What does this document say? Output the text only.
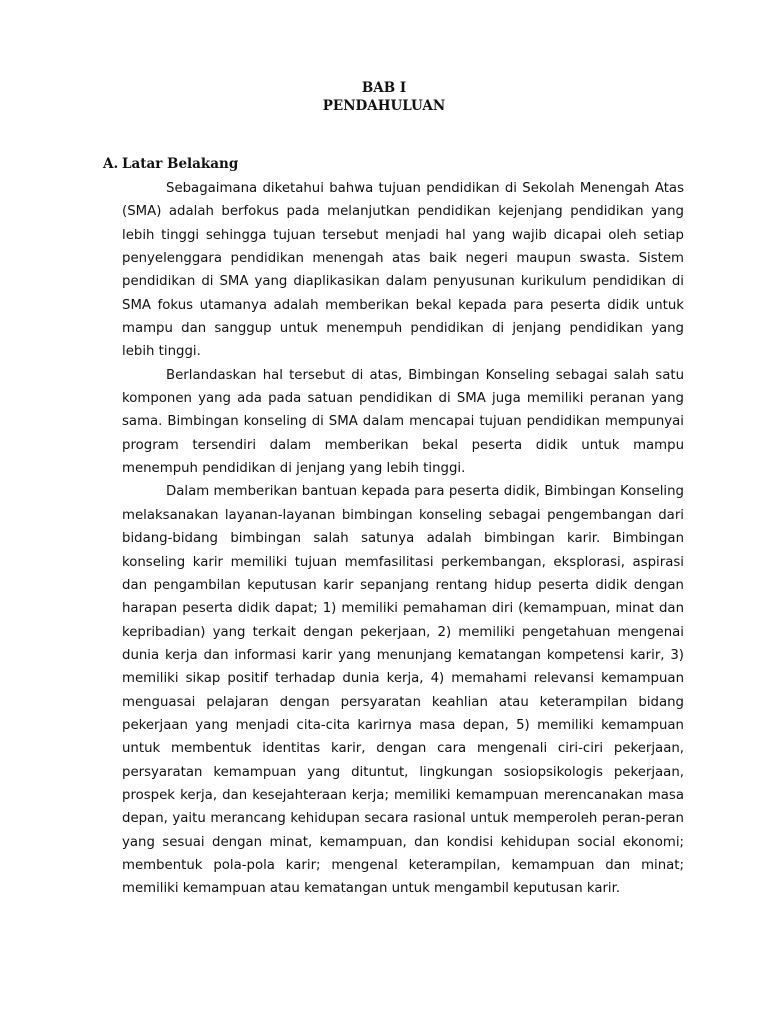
BAB I
PENDAHULUAN
A. Latar Belakang

Sebagaimana diketahui bahwa tujuan pendidikan di Sekolah Menengah Atas (SMA) adalah berfokus pada melanjutkan pendidikan kejenjang pendidikan yang lebih tinggi sehingga tujuan tersebut menjadi hal yang wajib dicapai oleh setiap penyelenggara pendidikan menengah atas baik negeri maupun swasta. Sistem pendidikan di SMA yang diaplikasikan dalam penyusunan kurikulum pendidikan di SMA fokus utamanya adalah memberikan bekal kepada para peserta didik untuk mampu dan sanggup untuk menempuh pendidikan di jenjang pendidikan yang lebih tinggi.

Berlandaskan hal tersebut di atas, Bimbingan Konseling sebagai salah satu komponen yang ada pada satuan pendidikan di SMA juga memiliki peranan yang sama. Bimbingan konseling di SMA dalam mencapai tujuan pendidikan mempunyai program tersendiri dalam memberikan bekal peserta didik untuk mampu menempuh pendidikan di jenjang yang lebih tinggi.

Dalam memberikan bantuan kepada para peserta didik, Bimbingan Konseling melaksanakan layanan-layanan bimbingan konseling sebagai pengembangan dari bidang-bidang bimbingan salah satunya adalah bimbingan karir. Bimbingan konseling karir memiliki tujuan memfasilitasi perkembangan, eksplorasi, aspirasi dan pengambilan keputusan karir sepanjang rentang hidup peserta didik dengan harapan peserta didik dapat; 1) memiliki pemahaman diri (kemampuan, minat dan kepribadian) yang terkait dengan pekerjaan, 2) memiliki pengetahuan mengenai dunia kerja dan informasi karir yang menunjang kematangan kompetensi karir, 3) memiliki sikap positif terhadap dunia kerja, 4) memahami relevansi kemampuan menguasai pelajaran dengan persyaratan keahlian atau keterampilan bidang pekerjaan yang menjadi cita-cita karirnya masa depan, 5) memiliki kemampuan untuk membentuk identitas karir, dengan cara mengenali ciri-ciri pekerjaan, persyaratan kemampuan yang dituntut, lingkungan sosiopsikologis pekerjaan, prospek kerja, dan kesejahteraan kerja; memiliki kemampuan merencanakan masa depan, yaitu merancang kehidupan secara rasional untuk memperoleh peran-peran yang sesuai dengan minat, kemampuan, dan kondisi kehidupan social ekonomi; membentuk pola-pola karir; mengenal keterampilan, kemampuan dan minat; memiliki kemampuan atau kematangan untuk mengambil keputusan karir.
